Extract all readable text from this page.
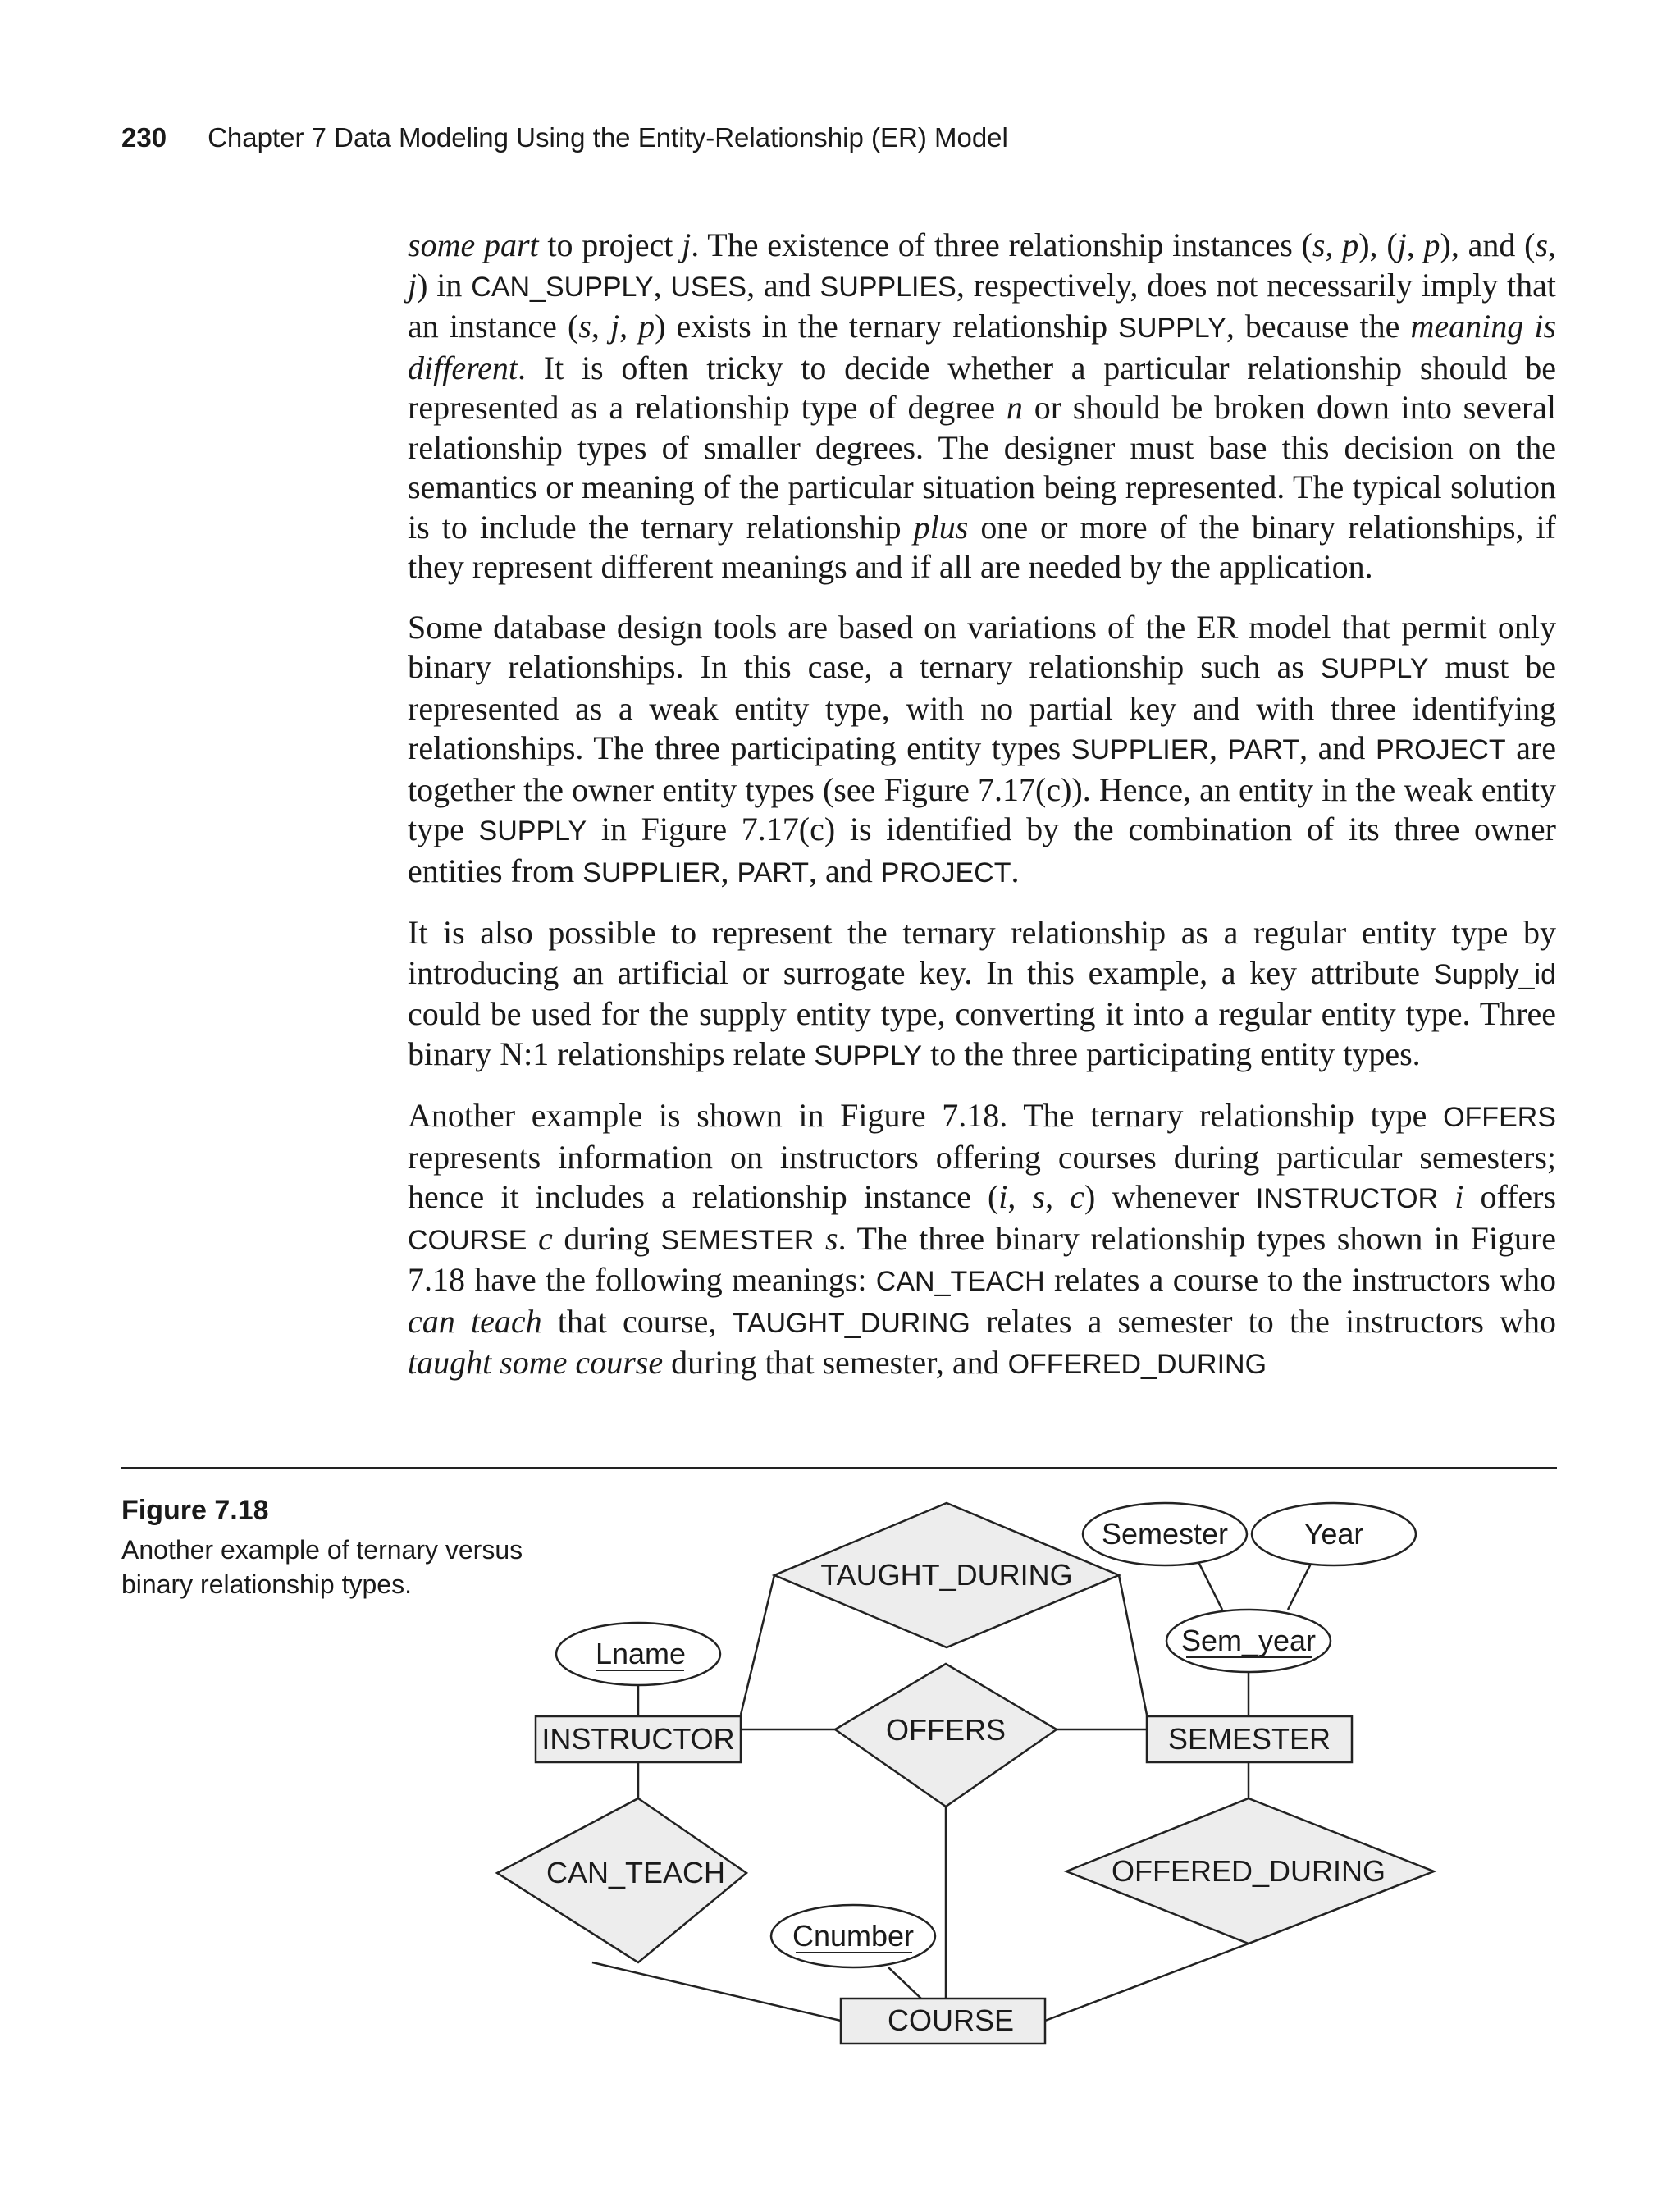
230 Chapter 7 Data Modeling Using the Entity-Relationship (ER) Model

some part to project j. The existence of three relationship instances (s, p), (j, p), and (s, j) in CAN_SUPPLY, USES, and SUPPLIES, respectively, does not necessarily imply that an instance (s, j, p) exists in the ternary relationship SUPPLY, because the meaning is different. It is often tricky to decide whether a particular relationship should be represented as a relationship type of degree n or should be broken down into several relationship types of smaller degrees. The designer must base this decision on the semantics or meaning of the particular situation being represented. The typical solution is to include the ternary relationship plus one or more of the binary relationships, if they represent different meanings and if all are needed by the application.

Some database design tools are based on variations of the ER model that permit only binary relationships. In this case, a ternary relationship such as SUPPLY must be represented as a weak entity type, with no partial key and with three identifying relationships. The three participating entity types SUPPLIER, PART, and PROJECT are together the owner entity types (see Figure 7.17(c)). Hence, an entity in the weak entity type SUPPLY in Figure 7.17(c) is identified by the combination of its three owner entities from SUPPLIER, PART, and PROJECT.

It is also possible to represent the ternary relationship as a regular entity type by introducing an artificial or surrogate key. In this example, a key attribute Supply_id could be used for the supply entity type, converting it into a regular entity type. Three binary N:1 relationships relate SUPPLY to the three participating entity types.

Another example is shown in Figure 7.18. The ternary relationship type OFFERS represents information on instructors offering courses during particular semesters; hence it includes a relationship instance (i, s, c) whenever INSTRUCTOR i offers COURSE c during SEMESTER s. The three binary relationship types shown in Figure 7.18 have the following meanings: CAN_TEACH relates a course to the instructors who can teach that course, TAUGHT_DURING relates a semester to the instructors who taught some course during that semester, and OFFERED_DURING

Figure 7.18
Another example of ternary versus binary relationship types.	TAUGHT_DURING
OFFERS
CAN_TEACH	OFFERED_DURING
INSTRUCTOR	SEMESTER
COURSE
Lname
Semester	Year
Sem_year
Cnumber
